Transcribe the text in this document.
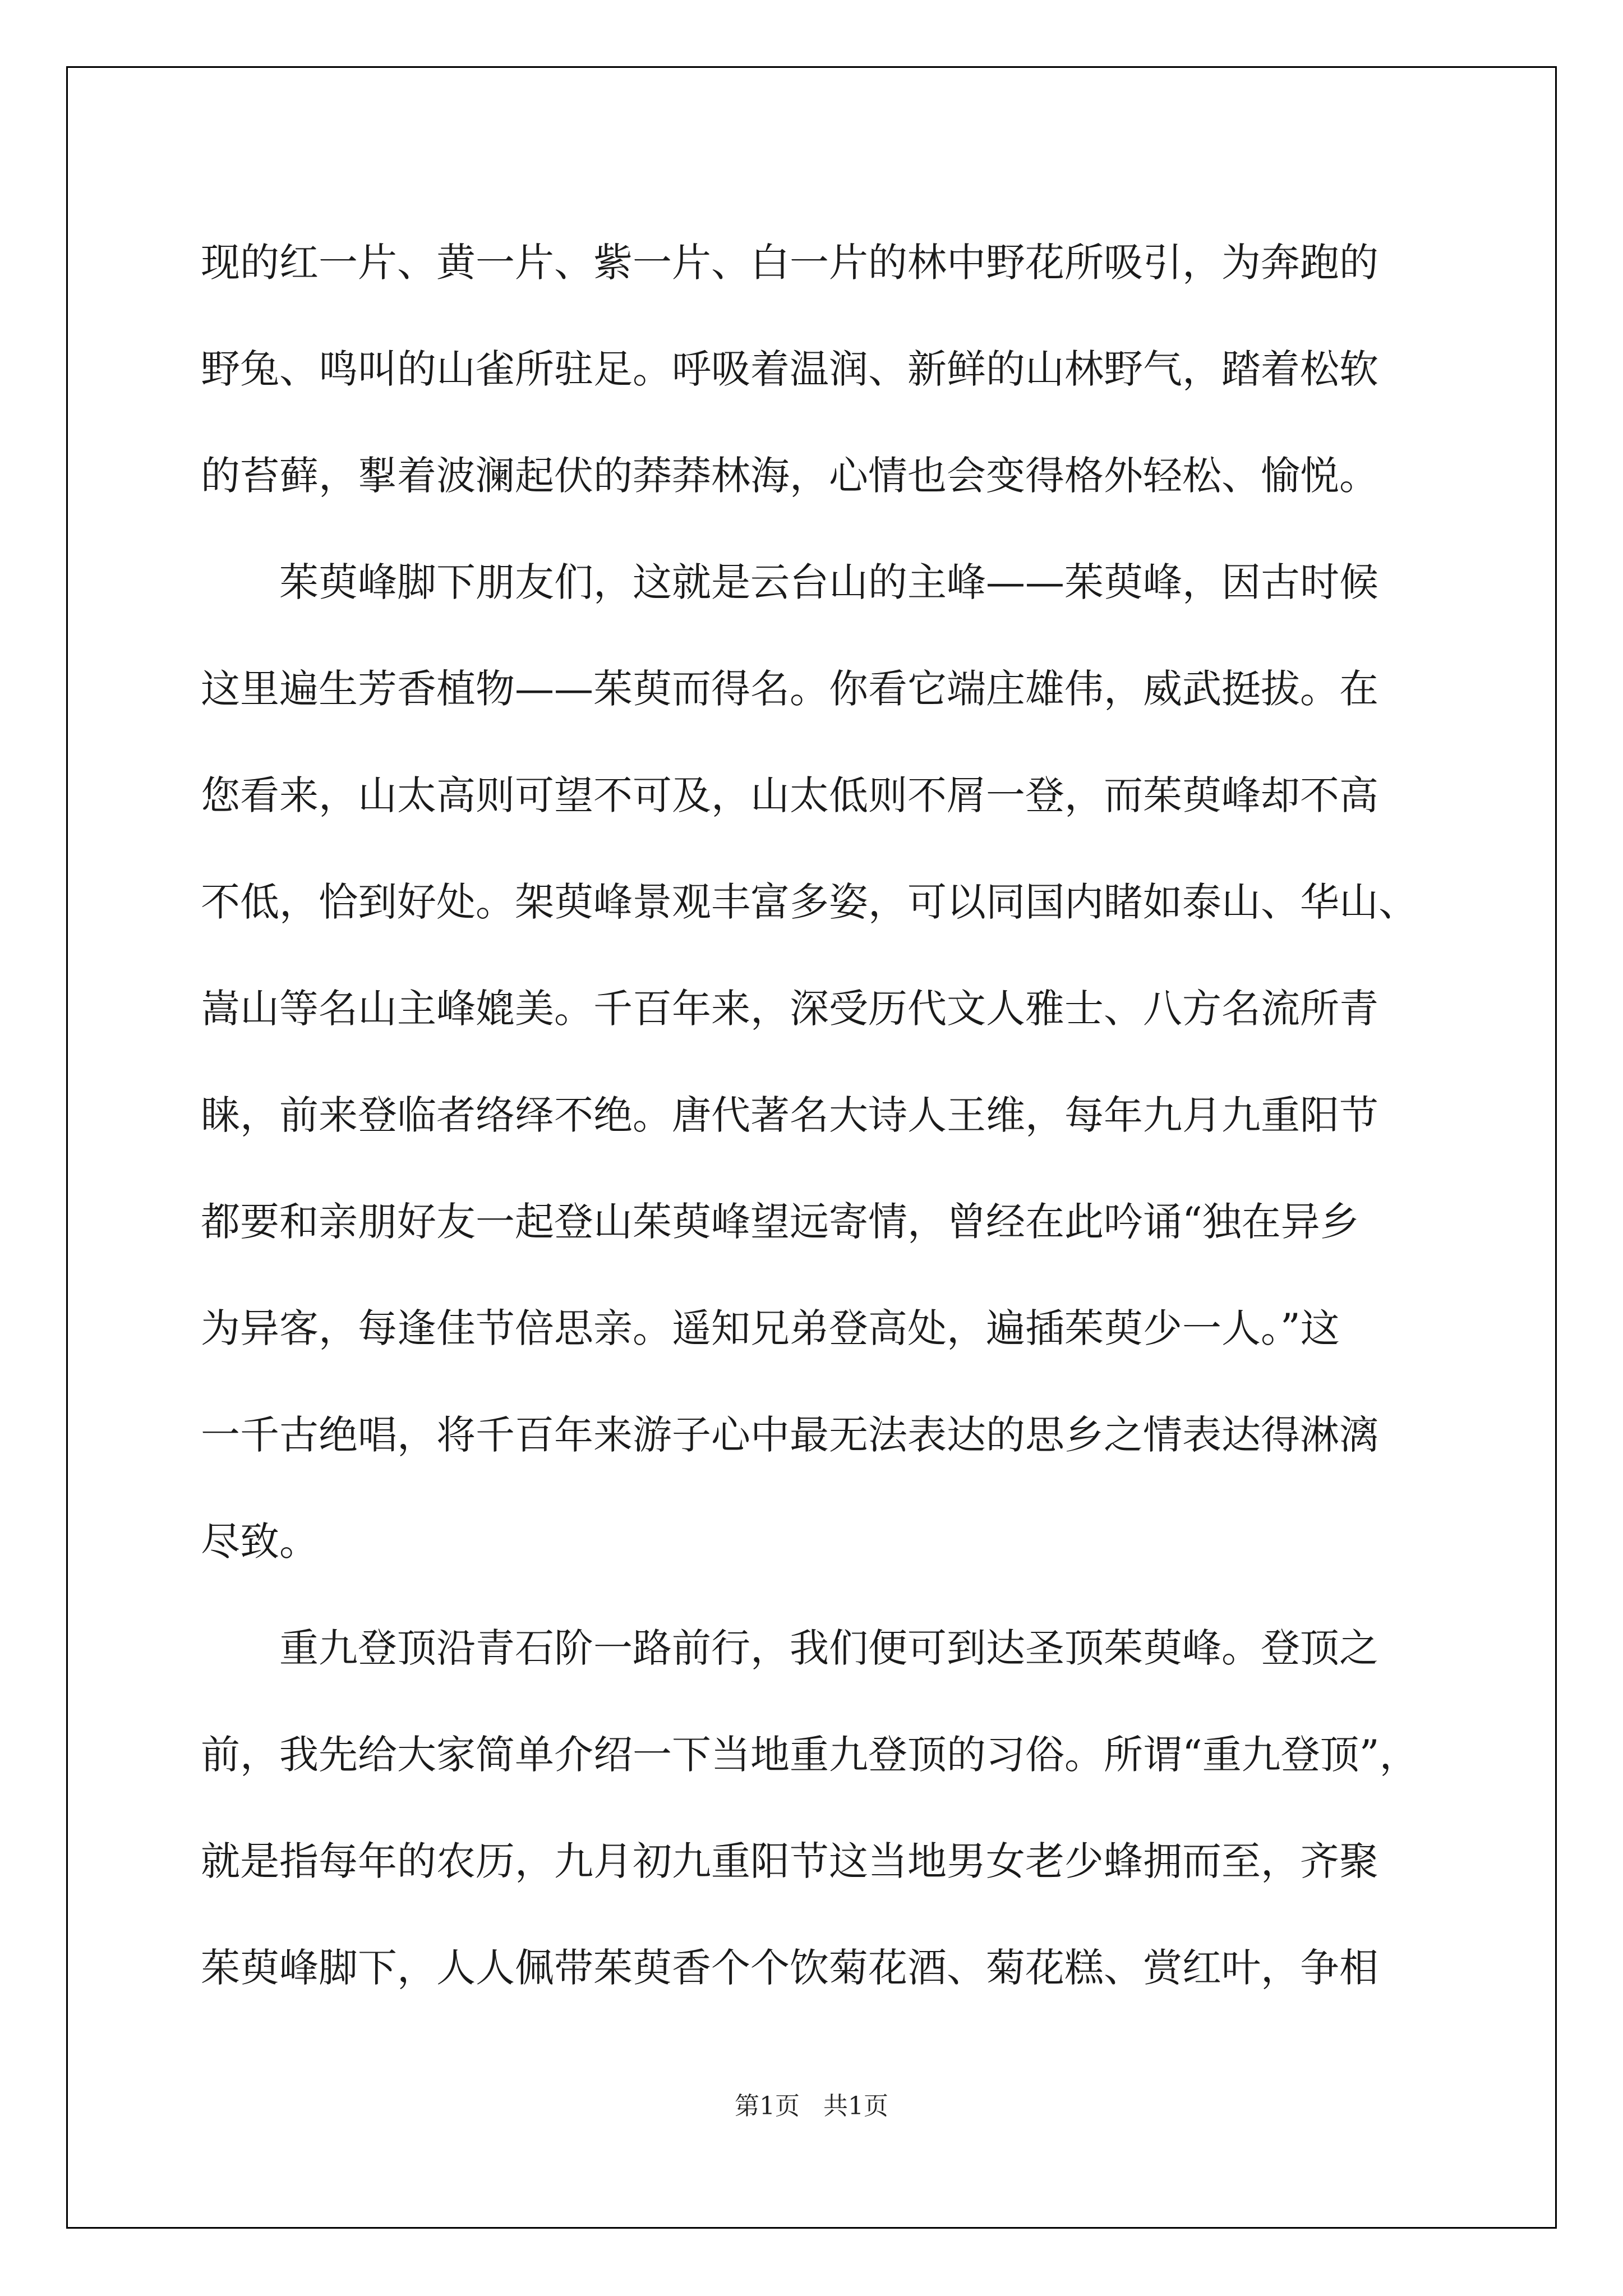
现的红一片、黄一片、紫一片、白一片的林中野花所吸引，为奔跑的
野兔、鸣叫的山雀所驻足。呼吸着温润、新鲜的山林野气，踏着松软
的苔藓，揧着波澜起伏的莽莽林海，心情也会变得格外轻松、愉悦。
茱萸峰脚下朋友们，这就是云台山的主峰——茱萸峰，因古时候
这里遍生芳香植物——茱萸而得名。你看它端庄雄伟，威武挺拔。在
您看来，山太高则可望不可及，山太低则不屑一登，而茱萸峰却不高
不低，恰到好处。架萸峰景观丰富多姿，可以同国内睹如泰山、华山、
嵩山等名山主峰媲美。千百年来，深受历代文人雅士、八方名流所青
睐，前来登临者络绎不绝。唐代著名大诗人王维，每年九月九重阳节
都要和亲朋好友一起登山茱萸峰望远寄情，曾经在此吟诵“独在异乡
为异客，每逢佳节倍思亲。遥知兄弟登高处，遍插茱萸少一人。”这
一千古绝唱，将千百年来游子心中最无法表达的思乡之情表达得淋漓
尽致。
重九登顶沿青石阶一路前行，我们便可到达圣顶茱萸峰。登顶之
前，我先给大家简单介绍一下当地重九登顶的习俗。所谓“重九登顶”，
就是指每年的农历，九月初九重阳节这当地男女老少蜂拥而至，齐聚
茱萸峰脚下，人人佩带茱萸香个个饮菊花酒、菊花糕、赏红叶，争相
第1页 共1页
